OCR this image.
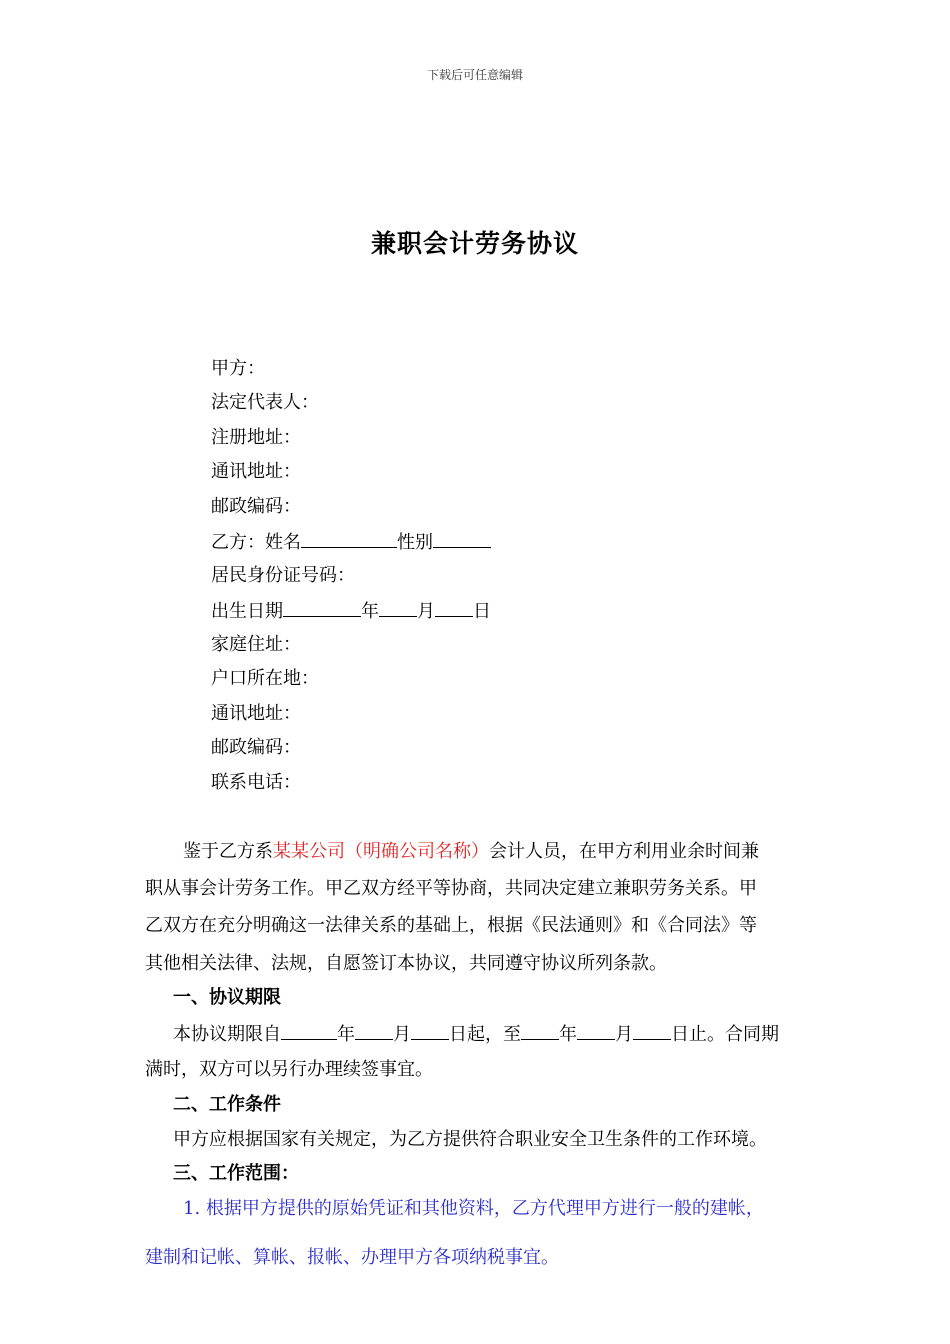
下载后可任意编辑
兼职会计劳务协议
甲方：
法定代表人：
注册地址：
通讯地址：
邮政编码：
乙方：姓名	性别
居民身份证号码：
出生日期	年 月 日
家庭住址：
户口所在地：
通讯地址：
邮政编码：
联系电话：
鉴于乙方系某某公司（明确公司名称）会计人员，在甲方利用业余时间兼
职从事会计劳务工作。甲乙双方经平等协商，共同决定建立兼职劳务关系。甲
乙双方在充分明确这一法律关系的基础上，根据《民法通则》和《合同法》等
其他相关法律、法规，自愿签订本协议，共同遵守协议所列条款。
一、协议期限
本协议期限自	年 月 日起，至 年 月 日止。合同期
满时，双方可以另行办理续签事宜。
二、工作条件
甲方应根据国家有关规定，为乙方提供符合职业安全卫生条件的工作环境。
三、工作范围：
1. 根据甲方提供的原始凭证和其他资料，乙方代理甲方进行一般的建帐，
建制和记帐、算帐、报帐、办理甲方各项纳税事宜。
